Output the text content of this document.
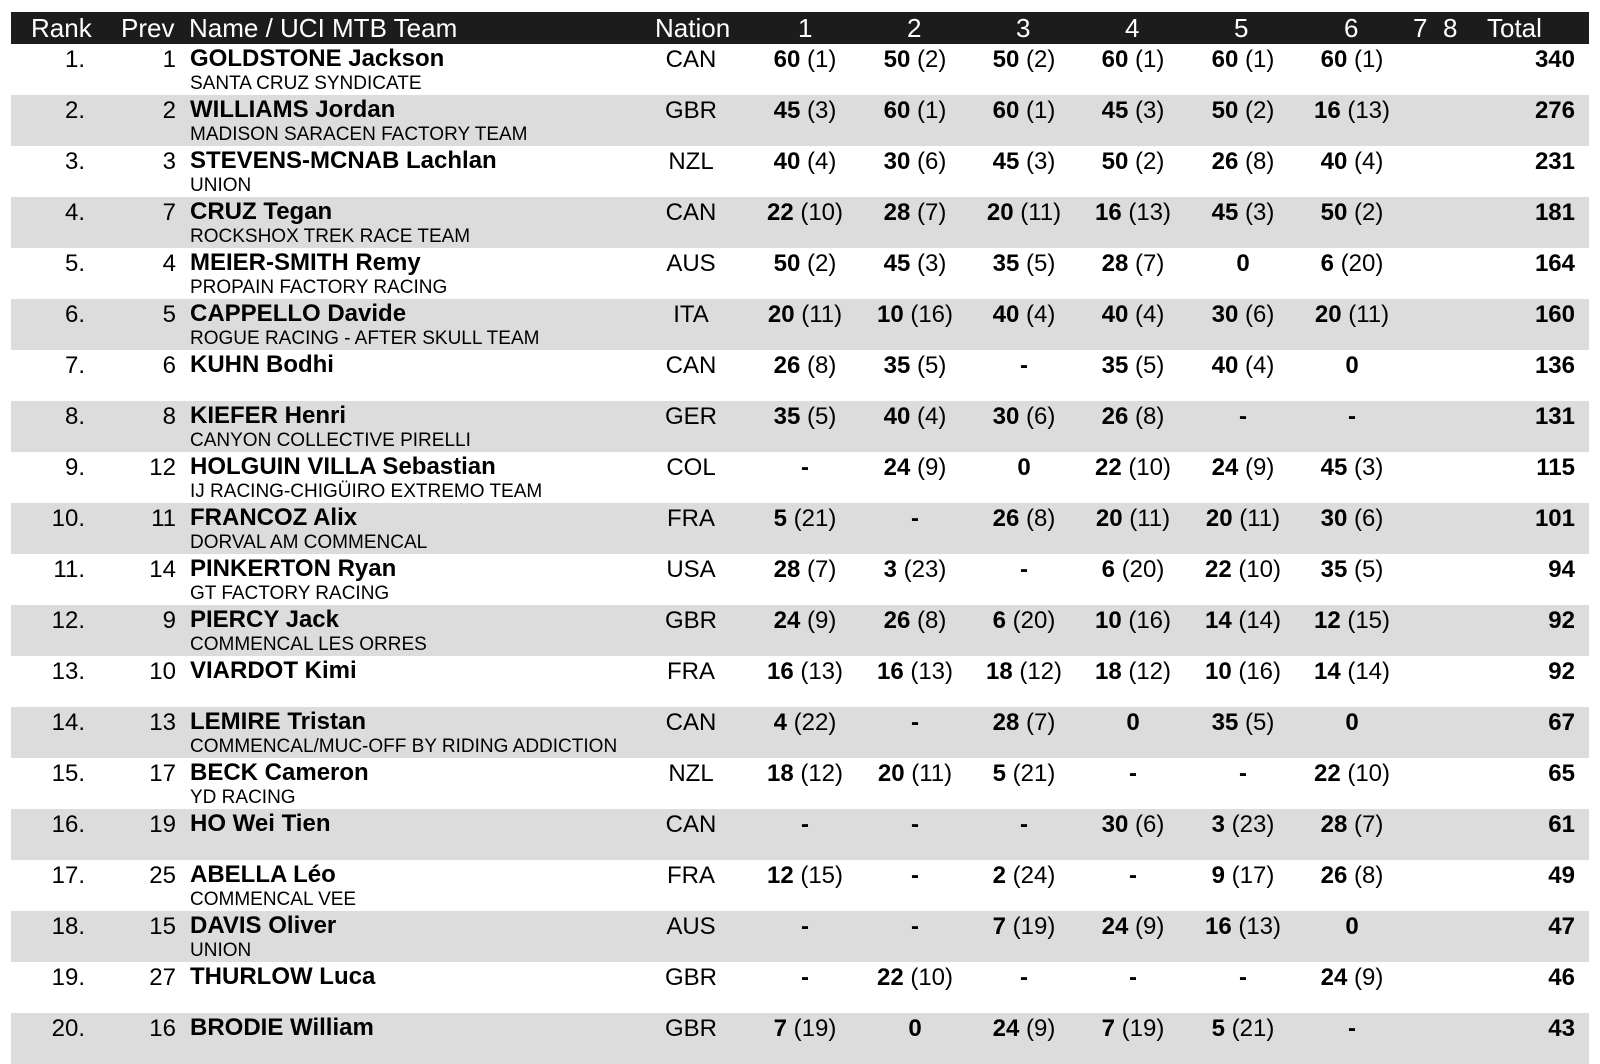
Rank Prev Name / UCI MTB Team	Nation	1	2	3	4	5	6 7 8 Total
1.	1 GOLDSTONE Jackson
SANTA CRUZ SYNDICATE
CAN 60 (1) 50 (2) 50 (2) 60 (1) 60 (1) 60 (1)	340
2.	2 WILLIAMS Jordan
MADISON SARACEN FACTORY TEAM
GBR 45 (3) 60 (1) 60 (1) 45 (3) 50 (2) 16 (13)	276
3.	3 STEVENS-MCNAB Lachlan
UNION
NZL 40 (4) 30 (6) 45 (3) 50 (2) 26 (8) 40 (4)	231
4.	7 CRUZ Tegan
ROCKSHOX TREK RACE TEAM
CAN 22 (10) 28 (7) 20 (11) 16 (13) 45 (3) 50 (2)	181
5.	4 MEIER-SMITH Remy
PROPAIN FACTORY RACING
AUS 50 (2) 45 (3) 35 (5) 28 (7)	0	6 (20)	164
6.	5 CAPPELLO Davide
ROGUE RACING - AFTER SKULL TEAM
ITA 20 (11) 10 (16) 40 (4) 40 (4) 30 (6) 20 (11)	160
7.	6 KUHN Bodhi	CAN 26 (8) 35 (5)	-	35 (5) 40 (4)	0	136
8.	8 KIEFER Henri
CANYON COLLECTIVE PIRELLI
GER 35 (5) 40 (4) 30 (6) 26 (8)	-	-	131
9.	12 HOLGUIN VILLA Sebastian
IJ RACING-CHIGÜIRO EXTREMO TEAM
COL	-	24 (9)	0	22 (10) 24 (9) 45 (3)	115
10.	11 FRANCOZ Alix
DORVAL AM COMMENCAL
FRA 5 (21)	-	26 (8) 20 (11) 20 (11) 30 (6)	101
11.	14 PINKERTON Ryan
GT FACTORY RACING
USA 28 (7) 3 (23)	-	6 (20) 22 (10) 35 (5)	94
12.	9 PIERCY Jack
COMMENCAL LES ORRES
GBR 24 (9) 26 (8) 6 (20) 10 (16) 14 (14) 12 (15)	92
13.	10 VIARDOT Kimi	FRA 16 (13) 16 (13) 18 (12) 18 (12) 10 (16) 14 (14)	92
14.	13 LEMIRE Tristan
COMMENCAL/MUC-OFF BY RIDING ADDICTION
CAN 4 (22)	-	28 (7)	0	35 (5)	0	67
15.	17 BECK Cameron
YD RACING
NZL 18 (12) 20 (11) 5 (21)	-	-	22 (10)	65
16.	19 HO Wei Tien	CAN	-	-	-	30 (6) 3 (23) 28 (7)	61
17.	25 ABELLA Léo
COMMENCAL VEE
FRA 12 (15)	-	2 (24)	-	9 (17) 26 (8)	49
18.	15 DAVIS Oliver
UNION
AUS	-	-	7 (19) 24 (9) 16 (13)	0	47
19.	27 THURLOW Luca	GBR	-	22 (10)	-	-	-	24 (9)	46
20.	16 BRODIE William	GBR 7 (19)	0	24 (9) 7 (19) 5 (21)	-	43
